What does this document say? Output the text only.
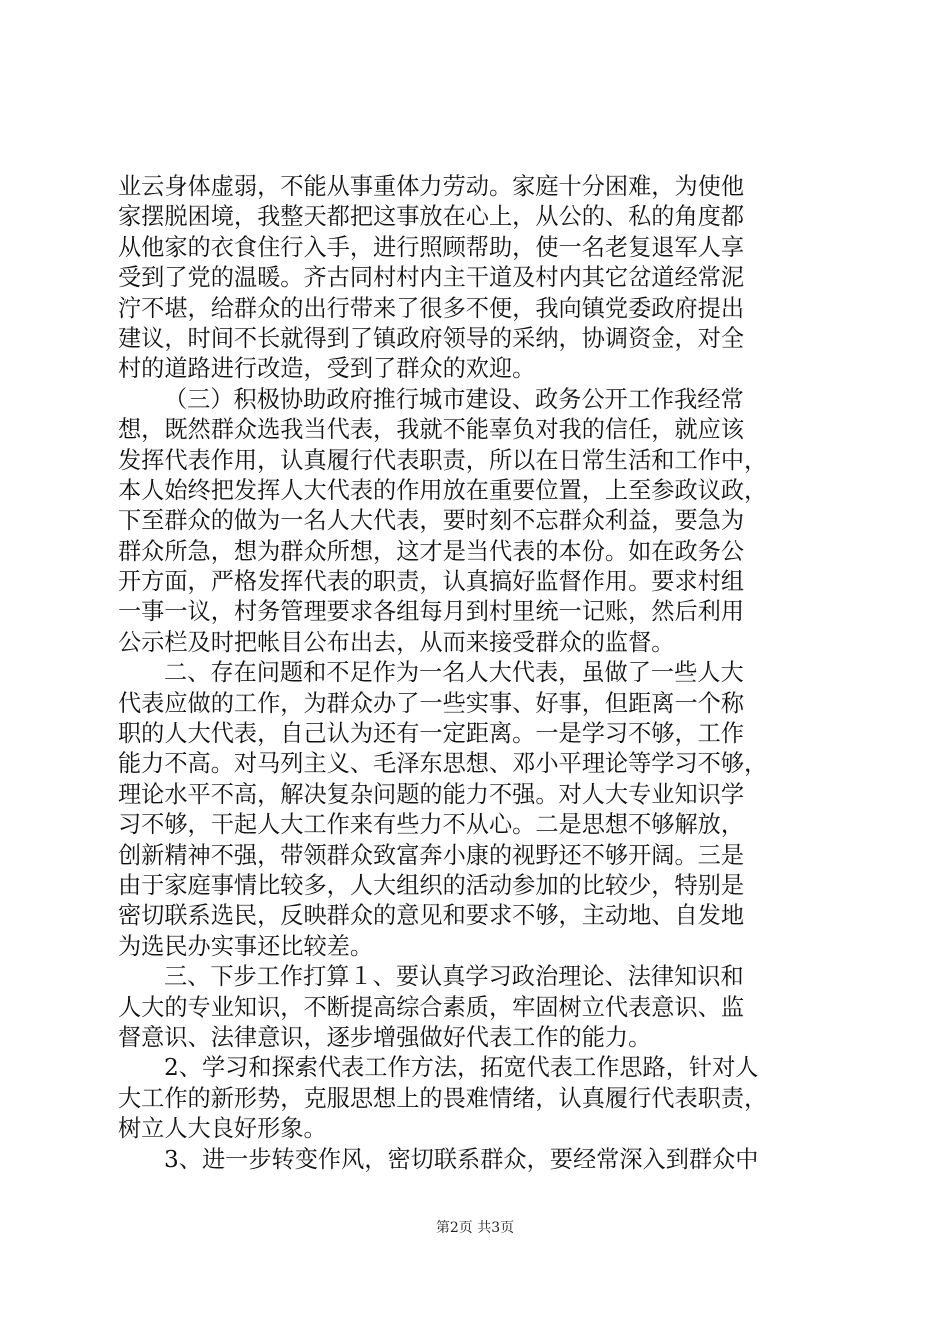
业云身体虚弱，不能从事重体力劳动。家庭十分困难，为使他
家摆脱困境，我整天都把这事放在心上，从公的、私的角度都
从他家的衣食住行入手，进行照顾帮助，使一名老复退军人享
受到了党的温暖。齐古同村村内主干道及村内其它岔道经常泥
泞不堪，给群众的出行带来了很多不便，我向镇党委政府提出
建议，时间不长就得到了镇政府领导的采纳，协调资金，对全
村的道路进行改造，受到了群众的欢迎。
（三）积极协助政府推行城市建设、政务公开工作我经常
想，既然群众选我当代表，我就不能辜负对我的信任，就应该
发挥代表作用，认真履行代表职责，所以在日常生活和工作中，
本人始终把发挥人大代表的作用放在重要位置，上至参政议政，
下至群众的做为一名人大代表，要时刻不忘群众利益，要急为
群众所急，想为群众所想，这才是当代表的本份。如在政务公
开方面，严格发挥代表的职责，认真搞好监督作用。要求村组
一事一议，村务管理要求各组每月到村里统一记账，然后利用
公示栏及时把帐目公布出去，从而来接受群众的监督。
二、存在问题和不足作为一名人大代表，虽做了一些人大
代表应做的工作，为群众办了一些实事、好事，但距离一个称
职的人大代表，自己认为还有一定距离。一是学习不够，工作
能力不高。对马列主义、毛泽东思想、邓小平理论等学习不够，
理论水平不高，解决复杂问题的能力不强。对人大专业知识学
习不够，干起人大工作来有些力不从心。二是思想不够解放，
创新精神不强，带领群众致富奔小康的视野还不够开阔。三是
由于家庭事情比较多，人大组织的活动参加的比较少，特别是
密切联系选民，反映群众的意见和要求不够，主动地、自发地
为选民办实事还比较差。
三、下步工作打算１、要认真学习政治理论、法律知识和
人大的专业知识，不断提高综合素质，牢固树立代表意识、监
督意识、法律意识，逐步增强做好代表工作的能力。
2、学习和探索代表工作方法，拓宽代表工作思路，针对人
大工作的新形势，克服思想上的畏难情绪，认真履行代表职责，
树立人大良好形象。
3、进一步转变作风，密切联系群众，要经常深入到群众中
第2页 共3页
